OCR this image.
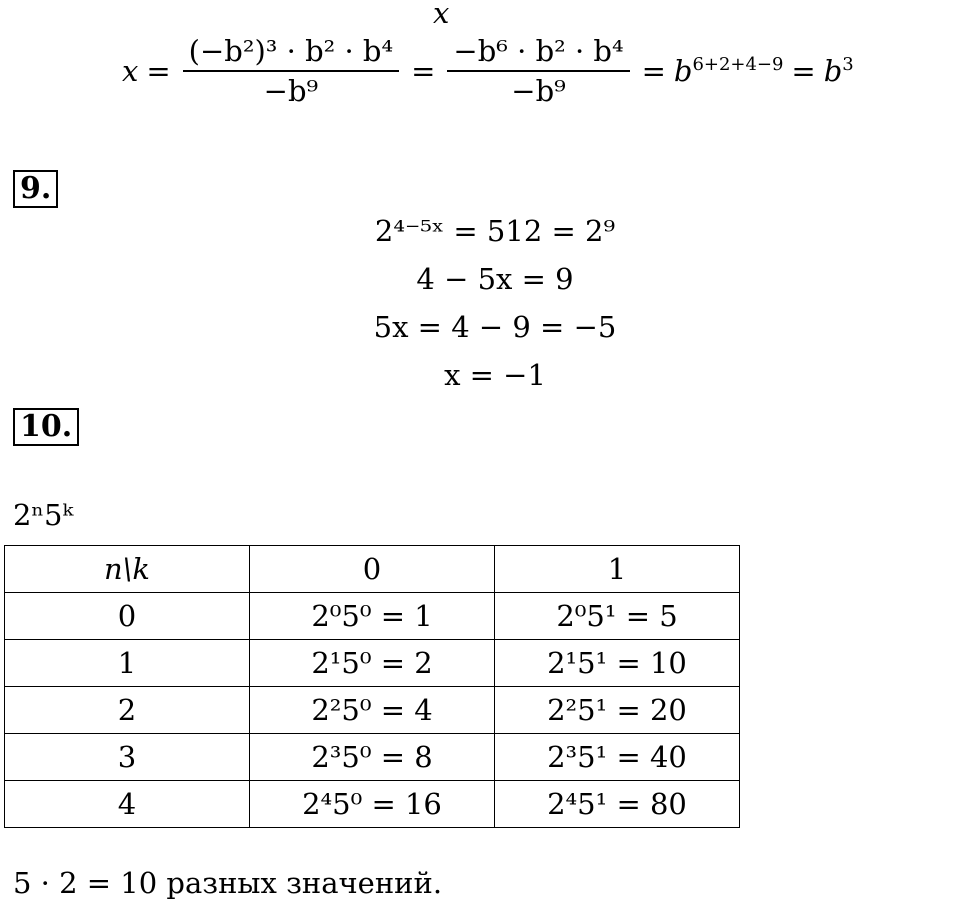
x
$x = \frac{\text{(−b²)³ · b² · b⁴}}{\text{−b⁹}} = \frac{\text{−b⁶ · b² · b⁴}}{\text{−b⁹}} = b^{6+2+4-9} = b^3$
9.
2⁴⁻⁵ˣ = 512 = 2⁹
4 − 5x = 9
5x = 4 − 9 = −5
x = −1
10.
2ⁿ5ᵏ
n\k	0	1
0	2⁰5⁰ = 1	2⁰5¹ = 5
1	2¹5⁰ = 2	2¹5¹ = 10
2	2²5⁰ = 4	2²5¹ = 20
3	2³5⁰ = 8	2³5¹ = 40
4	2⁴5⁰ = 16	2⁴5¹ = 80
5 · 2 = 10 разных значений.
